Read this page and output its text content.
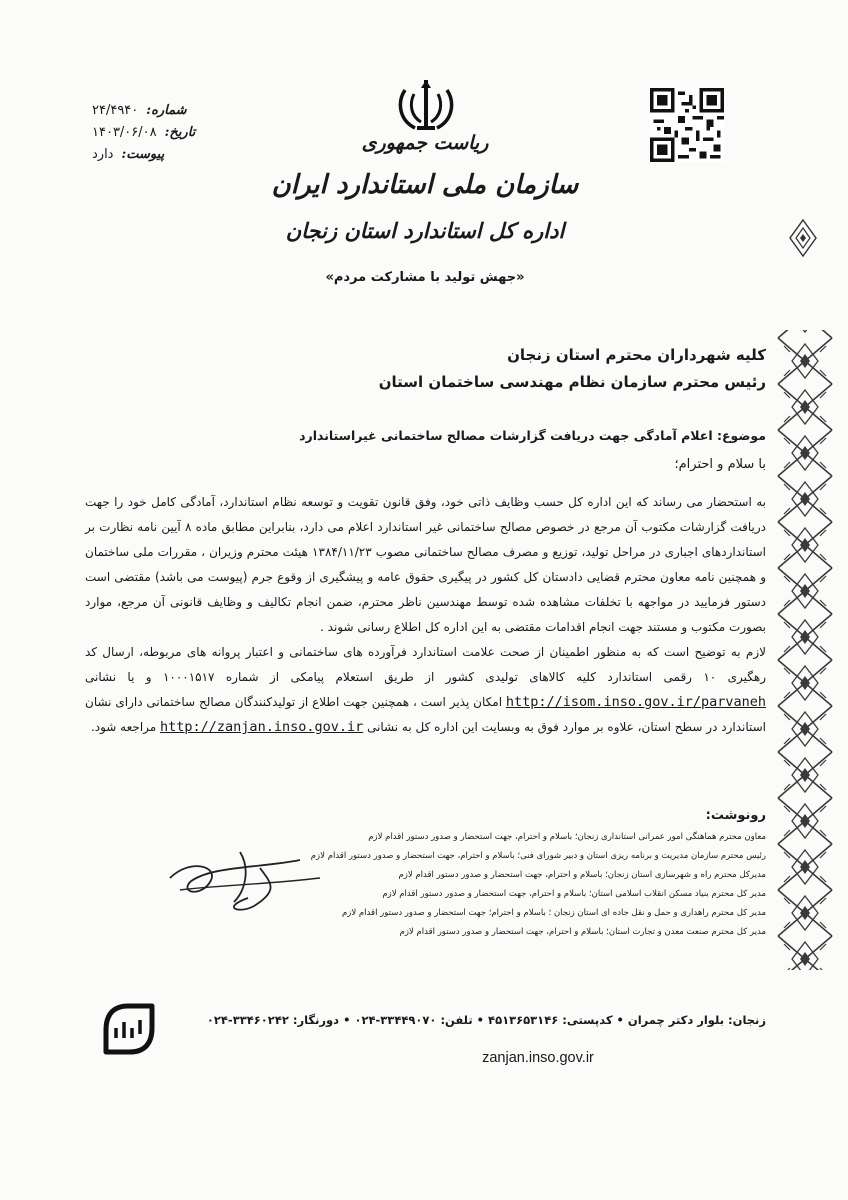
شماره:
۲۴/۴۹۴۰
تاریخ:
۱۴۰۳/۰۶/۰۸
پیوست:
دارد
ریاست جمهوری
سازمان ملی استاندارد ایران
اداره کل استاندارد استان زنجان
«جهش تولید با مشارکت مردم»
کلیه شهرداران محترم استان زنجان
رئیس محترم سازمان نظام مهندسی ساختمان استان
موضوع: اعلام آمادگی جهت دریافت گزارشات مصالح ساختمانی غیراستاندارد
با سلام و احترام؛

به استحضار می رساند که این اداره کل حسب وظایف ذاتی خود، وفق قانون تقویت و توسعه نظام استاندارد، آمادگی کامل خود را جهت دریافت گزارشات مکتوب آن مرجع در خصوص مصالح ساختمانی غیر استاندارد اعلام می دارد، بنابراین مطابق ماده ۸ آیین نامه نظارت بر استانداردهای اجباری در مراحل تولید، توزیع و مصرف مصالح ساختمانی مصوب ۱۳۸۴/۱۱/۲۳ هیئت محترم وزیران ، مقررات ملی ساختمان و همچنین نامه معاون محترم قضایی دادستان کل کشور در پیگیری حقوق عامه و پیشگیری از وقوع جرم (پیوست می باشد) مقتضی است دستور فرمایید در مواجهه با تخلفات مشاهده شده توسط مهندسین ناظر محترم، ضمن انجام تکالیف و وظایف قانونی آن مرجع، موارد بصورت مکتوب و مستند جهت انجام اقدامات مقتضی به این اداره کل اطلاع رسانی شوند .

لازم به توضیح است که به منظور اطمینان از صحت علامت استاندارد فرآورده های ساختمانی و اعتبار پروانه های مربوطه، ارسال کد رهگیری ۱۰ رقمی استاندارد کلیه کالاهای تولیدی کشور از طریق استعلام پیامکی از شماره ۱۰۰۰۱۵۱۷ و یا نشانی http://isom.inso.gov.ir/parvaneh امکان پذیر است ، همچنین جهت اطلاع از تولیدکنندگان مصالح ساختمانی دارای نشان استاندارد در سطح استان، علاوه بر موارد فوق به وبسایت این اداره کل به نشانی http://zanjan.inso.gov.ir مراجعه شود.

رونوشت:
معاون محترم هماهنگی امور عمرانی استانداری زنجان؛ باسلام و احترام، جهت استحضار و صدور دستور اقدام لازم
رئیس محترم سازمان مدیریت و برنامه ریزی استان و دبیر شورای فنی؛ باسلام و احترام، جهت استحضار و صدور دستور اقدام لازم
مدیرکل محترم راه و شهرسازی استان زنجان؛ باسلام و احترام، جهت استحضار و صدور دستور اقدام لازم
مدیر کل محترم بنیاد مسکن انقلاب اسلامی استان؛ باسلام و احترام، جهت استحضار و صدور دستور اقدام لازم
مدیر کل محترم راهداری و حمل و نقل جاده ای استان زنجان ؛ باسلام و احترام؛ جهت استحضار و صدور دستور اقدام لازم
مدیر کل محترم صنعت معدن و تجارت استان؛ باسلام و احترام، جهت استحضار و صدور دستور اقدام لازم
زنجان: بلوار دکتر چمران • کدپستی: ۴۵۱۳۶۵۳۱۴۶ • تلفن: ۳۳۴۴۹۰۷۰-۰۲۴ • دورنگار: ۳۳۴۶۰۲۴۲-۰۲۴
zanjan.inso.gov.ir
